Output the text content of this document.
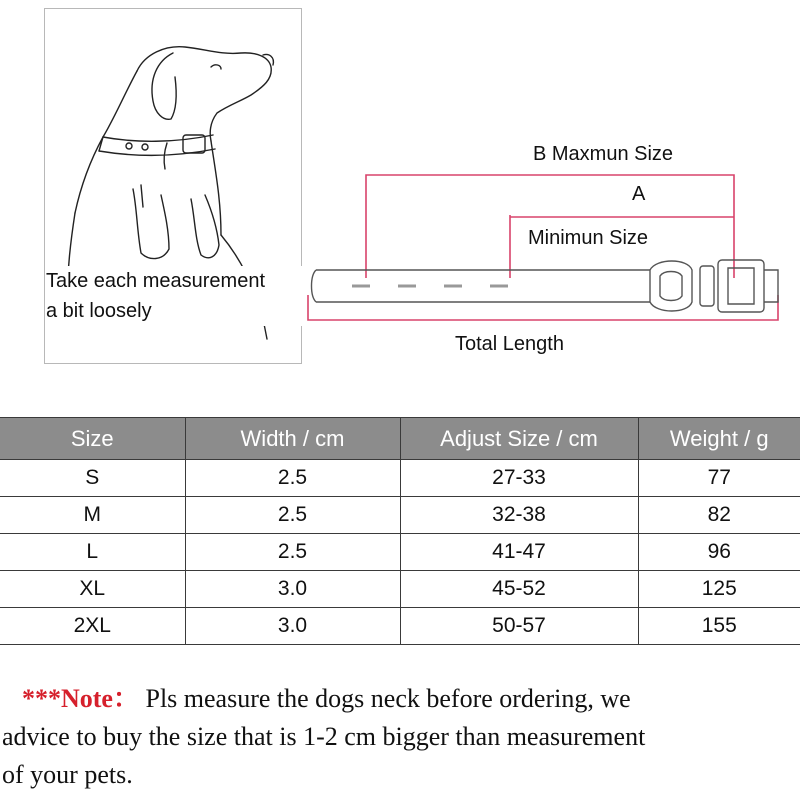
Take each measurement
a bit loosely
B Maxmun Size
A
Minimun Size
Total Length
Size	Width / cm	Adjust Size / cm	Weight / g
S	2.5	27-33	77
M	2.5	32-38	82
L	2.5	41-47	96
XL	3.0	45-52	125
2XL	3.0	50-57	155
***Note： Pls measure the dogs neck before ordering, we
advice to buy the size that is 1-2 cm bigger than measurement
of your pets.
